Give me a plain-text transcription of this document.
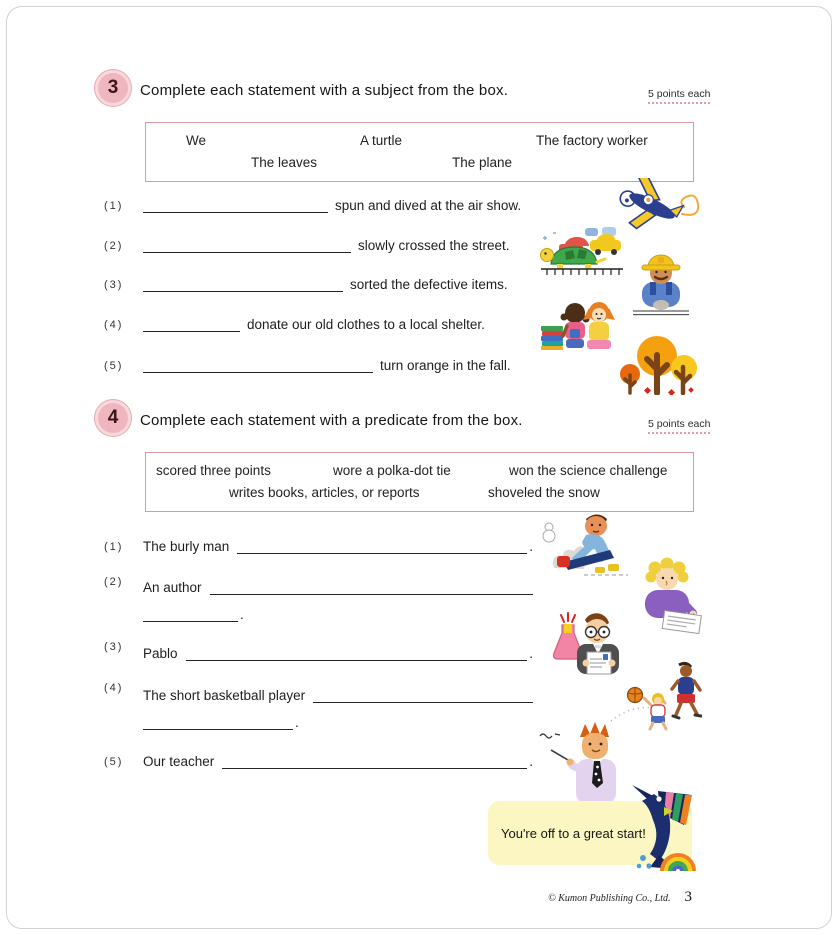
3 Complete each statement with a subject from the box.	5 points each
We	A turtle	The factory worker
The leaves	The plane
(1)	spun and dived at the air show.
(2)	slowly crossed the street.
(3)	sorted the defective items.
(4)	donate our old clothes to a local shelter.
(5)	turn orange in the fall.
4 Complete each statement with a predicate from the box.	5 points each
scored three points	wore a polka-dot tie	won the science challenge
writes books, articles, or reports	shoveled the snow
(1)	The burly man	.
(2)	An author
.
(3)	Pablo	.
(4)	The short basketball player
.
(5)	Our teacher	.
You're off to a great start!
© Kumon Publishing Co., Ltd. 3
